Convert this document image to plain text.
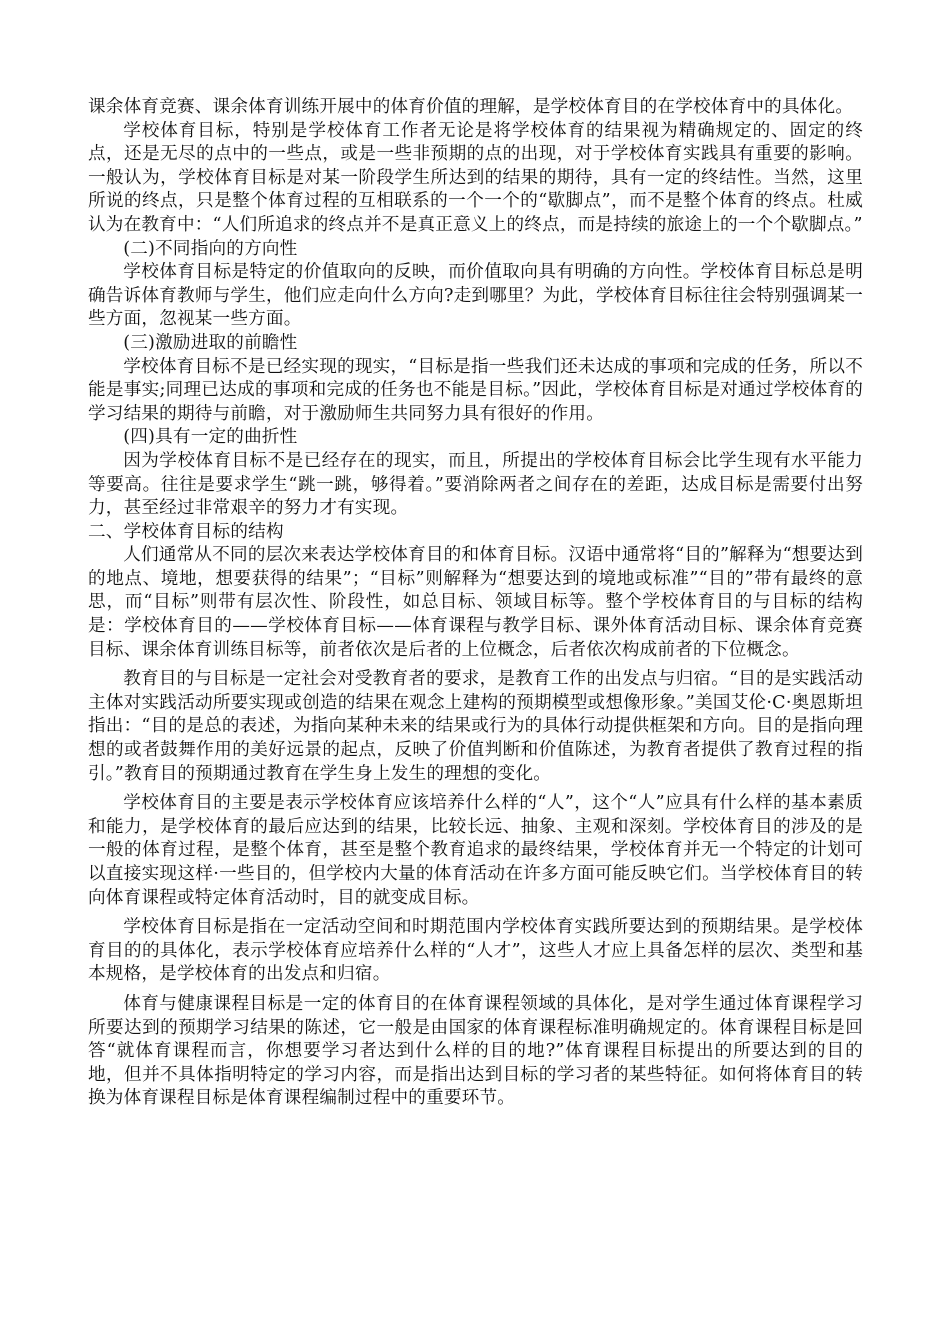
课余体育竞赛、课余体育训练开展中的体育价值的理解，是学校体育目的在学校体育中的具体化。

学校体育目标，特别是学校体育工作者无论是将学校体育的结果视为精确规定的、固定的终点，还是无尽的点中的一些点，或是一些非预期的点的出现，对于学校体育实践具有重要的影响。一般认为，学校体育目标是对某一阶段学生所达到的结果的期待，具有一定的终结性。当然，这里所说的终点，只是整个体育过程的互相联系的一个一个的“歇脚点”，而不是整个体育的终点。杜威认为在教育中：“人们所追求的终点并不是真正意义上的终点，而是持续的旅途上的一个个歇脚点。”

(二)不同指向的方向性

学校体育目标是特定的价值取向的反映，而价值取向具有明确的方向性。学校体育目标总是明确告诉体育教师与学生，他们应走向什么方向?走到哪里？为此，学校体育目标往往会特别强调某一些方面，忽视某一些方面。

(三)激励进取的前瞻性

学校体育目标不是已经实现的现实，“目标是指一些我们还未达成的事项和完成的任务，所以不能是事实;同理已达成的事项和完成的任务也不能是目标。”因此，学校体育目标是对通过学校体育的学习结果的期待与前瞻，对于激励师生共同努力具有很好的作用。

(四)具有一定的曲折性

因为学校体育目标不是已经存在的现实，而且，所提出的学校体育目标会比学生现有水平能力等要高。往往是要求学生“跳一跳，够得着。”要消除两者之间存在的差距，达成目标是需要付出努力，甚至经过非常艰辛的努力才有实现。

二、学校体育目标的结构

人们通常从不同的层次来表达学校体育目的和体育目标。汉语中通常将“目的”解释为“想要达到的地点、境地，想要获得的结果”；“目标”则解释为“想要达到的境地或标准”“目的”带有最终的意思，而“目标”则带有层次性、阶段性，如总目标、领域目标等。整个学校体育目的与目标的结构是：学校体育目的——学校体育目标——体育课程与教学目标、课外体育活动目标、课余体育竞赛目标、课余体育训练目标等，前者依次是后者的上位概念，后者依次构成前者的下位概念。

教育目的与目标是一定社会对受教育者的要求，是教育工作的出发点与归宿。“目的是实践活动主体对实践活动所要实现或创造的结果在观念上建构的预期模型或想像形象。”美国艾伦·C·奥恩斯坦指出：“目的是总的表述，为指向某种未来的结果或行为的具体行动提供框架和方向。目的是指向理想的或者鼓舞作用的美好远景的起点，反映了价值判断和价值陈述，为教育者提供了教育过程的指引。”教育目的预期通过教育在学生身上发生的理想的变化。

学校体育目的主要是表示学校体育应该培养什么样的“人”，这个“人”应具有什么样的基本素质和能力，是学校体育的最后应达到的结果，比较长远、抽象、主观和深刻。学校体育目的涉及的是一般的体育过程，是整个体育，甚至是整个教育追求的最终结果，学校体育并无一个特定的计划可以直接实现这样·一些目的，但学校内大量的体育活动在许多方面可能反映它们。当学校体育目的转向体育课程或特定体育活动时，目的就变成目标。

学校体育目标是指在一定活动空间和时期范围内学校体育实践所要达到的预期结果。是学校体育目的的具体化，表示学校体育应培养什么样的“人才”，这些人才应上具备怎样的层次、类型和基本规格，是学校体育的出发点和归宿。

体育与健康课程目标是一定的体育目的在体育课程领域的具体化，是对学生通过体育课程学习所要达到的预期学习结果的陈述，它一般是由国家的体育课程标准明确规定的。体育课程目标是回答“就体育课程而言，你想要学习者达到什么样的目的地?”体育课程目标提出的所要达到的目的地，但并不具体指明特定的学习内容，而是指出达到目标的学习者的某些特征。如何将体育目的转换为体育课程目标是体育课程编制过程中的重要环节。
